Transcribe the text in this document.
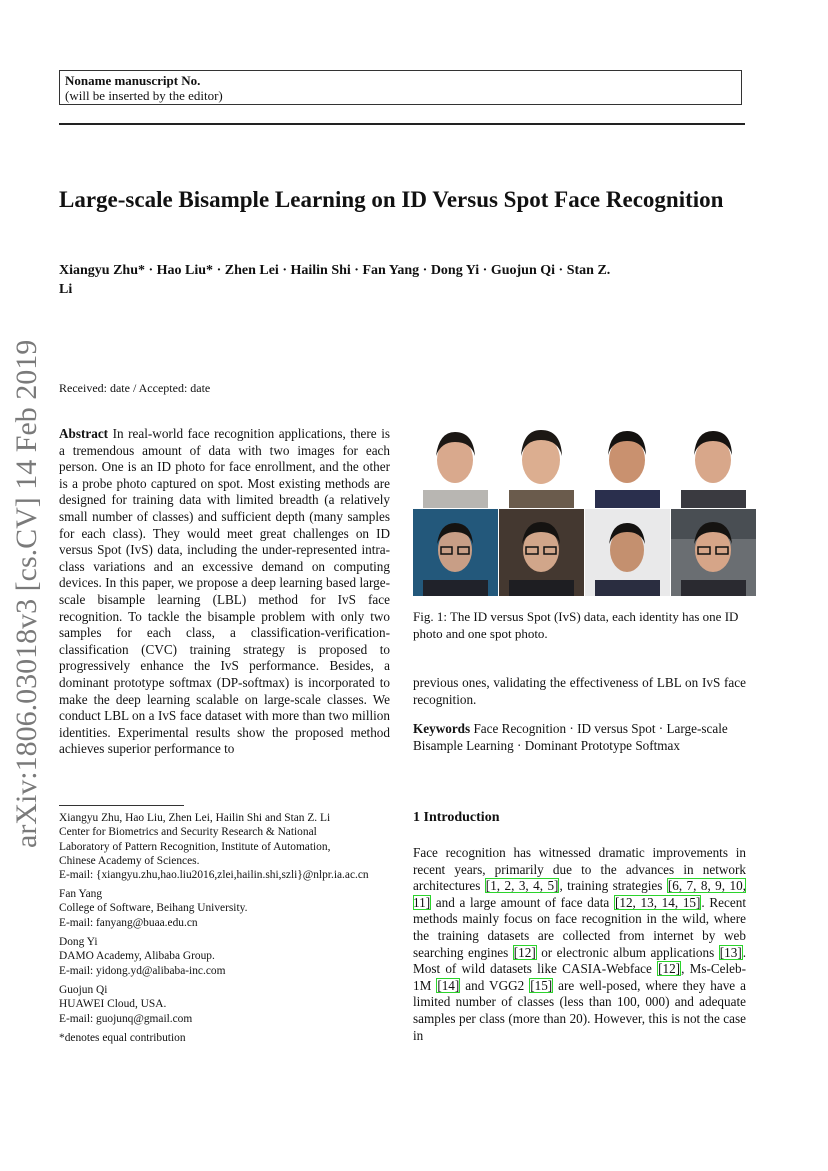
Noname manuscript No.
(will be inserted by the editor)
Large-scale Bisample Learning on ID Versus Spot Face Recognition
Xiangyu Zhu* · Hao Liu* · Zhen Lei · Hailin Shi · Fan Yang · Dong Yi · Guojun Qi · Stan Z. Li
arXiv:1806.03018v3 [cs.CV] 14 Feb 2019 Received: date / Accepted: date
Abstract In real-world face recognition applications, there is a tremendous amount of data with two images for each person. One is an ID photo for face enrollment, and the other is a probe photo captured on spot. Most existing methods are designed for training data with limited breadth (a relatively small number of classes) and sufficient depth (many samples for each class). They would meet great challenges on ID versus Spot (IvS) data, including the under-represented intra-class variations and an excessive demand on computing devices. In this paper, we propose a deep learning based large-scale bisample learning (LBL) method for IvS face recognition. To tackle the bisample problem with only two samples for each class, a classification-verification-classification (CVC) training strategy is proposed to progressively enhance the IvS performance. Besides, a dominant prototype softmax (DP-softmax) is incorporated to make the deep learning scalable on large-scale classes. We conduct LBL on a IvS face dataset with more than two million identities. Experimental results show the proposed method achieves superior performance to
Fig. 1: The ID versus Spot (IvS) data, each identity has one ID photo and one spot photo.
previous ones, validating the effectiveness of LBL on IvS face recognition.
Keywords Face Recognition · ID versus Spot · Large-scale Bisample Learning · Dominant Prototype Softmax
Xiangyu Zhu, Hao Liu, Zhen Lei, Hailin Shi and Stan Z. Li
Center for Biometrics and Security Research & National
Laboratory of Pattern Recognition, Institute of Automation,
Chinese Academy of Sciences.
E-mail: {xiangyu.zhu,hao.liu2016,zlei,hailin.shi,szli}@nlpr.ia.ac.cn
Fan Yang
College of Software, Beihang University.
E-mail: fanyang@buaa.edu.cn
Dong Yi
DAMO Academy, Alibaba Group.
E-mail: yidong.yd@alibaba-inc.com
Guojun Qi
HUAWEI Cloud, USA.
E-mail: guojunq@gmail.com
*denotes equal contribution
1 Introduction
Face recognition has witnessed dramatic improvements in recent years, primarily due to the advances in network architectures [1, 2, 3, 4, 5], training strategies [6, 7, 8, 9, 10, 11] and a large amount of face data [12, 13, 14, 15]. Recent methods mainly focus on face recognition in the wild, where the training datasets are collected from internet by web searching engines [12] or electronic album applications [13]. Most of wild datasets like CASIA-Webface [12], Ms-Celeb-1M [14] and VGG2 [15] are well-posed, where they have a limited number of classes (less than 100, 000) and adequate samples per class (more than 20). However, this is not the case in
